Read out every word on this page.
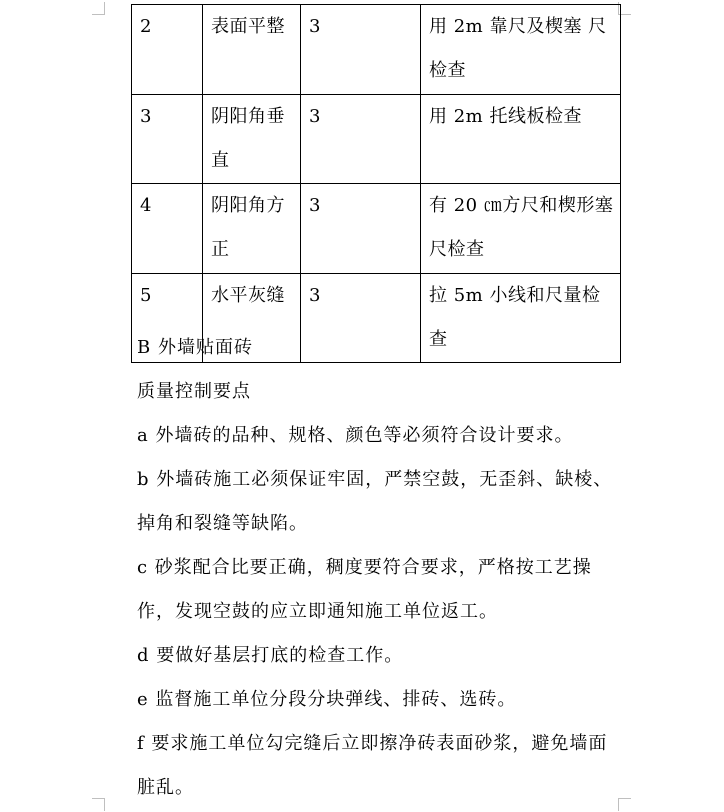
2	表面平整	3	用 2m 靠尺及楔塞 尺检查

3	阴阳角垂直	3	用 2m 托线板检查

4	阴阳角方正	3	有 20 ㎝方尺和楔形塞尺检查

5	水平灰缝	3	拉 5m 小线和尺量检查

B 外墙贴面砖

质量控制要点

a 外墙砖的品种、规格、颜色等必须符合设计要求。

b 外墙砖施工必须保证牢固，严禁空鼓，无歪斜、缺棱、掉角和裂缝等缺陷。

c 砂浆配合比要正确，稠度要符合要求，严格按工艺操作，发现空鼓的应立即通知施工单位返工。

d 要做好基层打底的检查工作。

e 监督施工单位分段分块弹线、排砖、选砖。

f 要求施工单位勾完缝后立即擦净砖表面砂浆，避免墙面脏乱。
